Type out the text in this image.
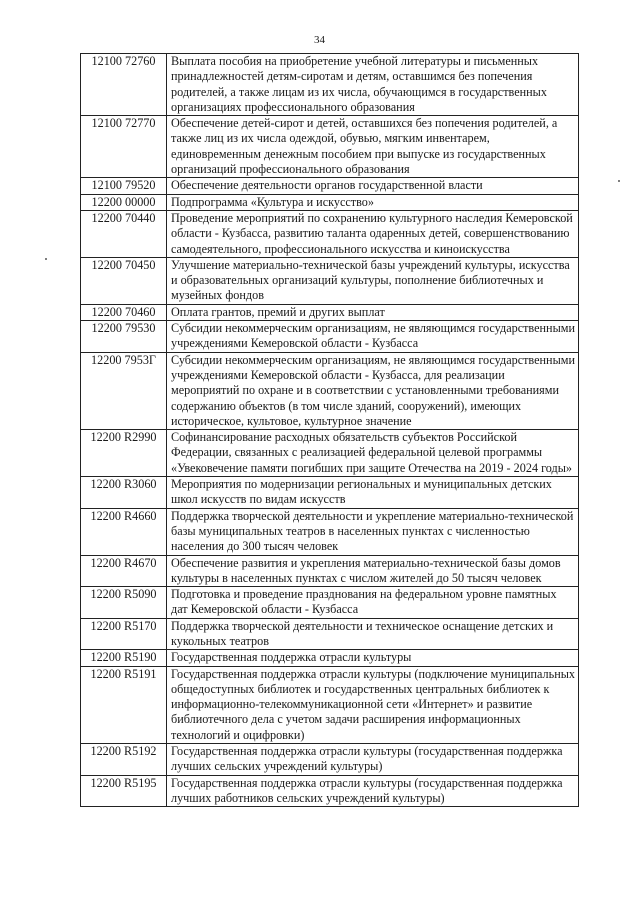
34
12100 72760	Выплата пособия на приобретение учебной литературы и письменных принадлежностей детям-сиротам и детям, оставшимся без попечения родителей, а также лицам из их числа, обучающимся в государственных организациях профессионального образования
12100 72770	Обеспечение детей-сирот и детей, оставшихся без попечения родителей, а также лиц из их числа одеждой, обувью, мягким инвентарем, единовременным денежным пособием при выпуске из государственных организаций профессионального образования
12100 79520	Обеспечение деятельности органов государственной власти
12200 00000	Подпрограмма «Культура и искусство»
12200 70440	Проведение мероприятий по сохранению культурного наследия Кемеровской области - Кузбасса, развитию таланта одаренных детей, совершенствованию самодеятельного, профессионального искусства и киноискусства
12200 70450	Улучшение материально-технической базы учреждений культуры, искусства и образовательных организаций культуры, пополнение библиотечных и музейных фондов
12200 70460	Оплата грантов, премий и других выплат
12200 79530	Субсидии некоммерческим организациям, не являющимся государственными учреждениями Кемеровской области - Кузбасса
12200 7953Г	Субсидии некоммерческим организациям, не являющимся государственными учреждениями Кемеровской области - Кузбасса, для реализации мероприятий по охране и в соответствии с установленными требованиями содержанию объектов (в том числе зданий, сооружений), имеющих историческое, культовое, культурное значение
12200 R2990	Софинансирование расходных обязательств субъектов Российской Федерации, связанных с реализацией федеральной целевой программы «Увековечение памяти погибших при защите Отечества на 2019 - 2024 годы»
12200 R3060	Мероприятия по модернизации региональных и муниципальных детских школ искусств по видам искусств
12200 R4660	Поддержка творческой деятельности и укрепление материально-технической базы муниципальных театров в населенных пунктах с численностью населения до 300 тысяч человек
12200 R4670	Обеспечение развития и укрепления материально-технической базы домов культуры в населенных пунктах с числом жителей до 50 тысяч человек
12200 R5090	Подготовка и проведение празднования на федеральном уровне памятных дат Кемеровской области - Кузбасса
12200 R5170	Поддержка творческой деятельности и техническое оснащение детских и кукольных театров
12200 R5190	Государственная поддержка отрасли культуры
12200 R5191	Государственная поддержка отрасли культуры (подключение муниципальных общедоступных библиотек и государственных центральных библиотек к информационно-телекоммуникационной сети «Интернет» и развитие библиотечного дела с учетом задачи расширения информационных технологий и оцифровки)
12200 R5192	Государственная поддержка отрасли культуры (государственная поддержка лучших сельских учреждений культуры)
12200 R5195	Государственная поддержка отрасли культуры (государственная поддержка лучших работников сельских учреждений культуры)
